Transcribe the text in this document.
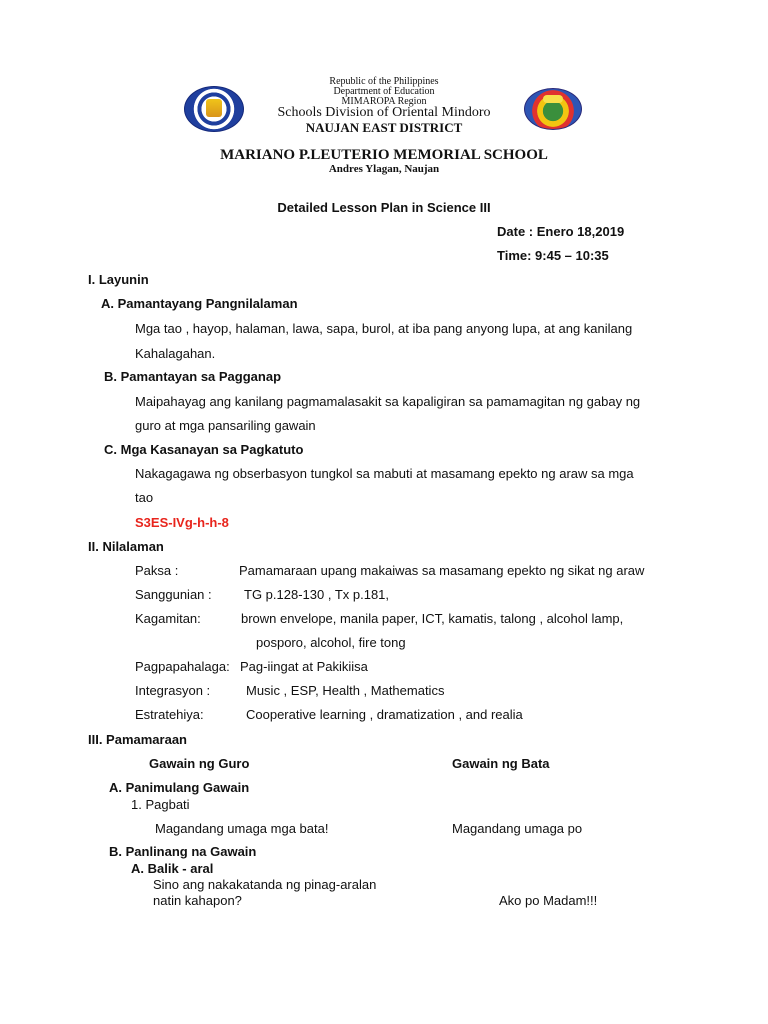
Republic of the Philippines
Department of Education
MIMAROPA Region
Schools Division of Oriental Mindoro
NAUJAN EAST DISTRICT
MARIANO P.LEUTERIO MEMORIAL SCHOOL
Andres Ylagan, Naujan
Detailed Lesson Plan in Science III
Date : Enero 18,2019
Time: 9:45 – 10:35
I. Layunin
A. Pamantayang Pangnilalaman
Mga tao , hayop, halaman, lawa, sapa, burol, at iba pang anyong lupa, at ang kanilang
Kahalagahan.
B. Pamantayan sa Pagganap
Maipahayag ang kanilang pagmamalasakit sa kapaligiran sa pamamagitan ng gabay ng
guro at mga pansariling gawain
C. Mga Kasanayan sa Pagkatuto
Nakagagawa ng obserbasyon tungkol sa mabuti at masamang epekto ng araw sa mga
tao
S3ES-IVg-h-h-8
II. Nilalaman
Paksa :	Pamamaraan upang makaiwas sa masamang epekto ng sikat ng araw
Sanggunian : TG p.128-130 , Tx p.181,
Kagamitan:	brown envelope, manila paper, ICT, kamatis, talong , alcohol lamp,
posporo, alcohol, fire tong
Pagpapahalaga: Pag-iingat at Pakikiisa
Integrasyon :	Music , ESP, Health , Mathematics
Estratehiya:	Cooperative learning , dramatization , and realia
III. Pamamaraan
Gawain ng Guro	Gawain ng Bata
A. Panimulang Gawain
1. Pagbati
Magandang umaga mga bata!	Magandang umaga po
B. Panlinang na Gawain
A. Balik - aral
Sino ang nakakatanda ng pinag-aralan
natin kahapon?	Ako po Madam!!!
